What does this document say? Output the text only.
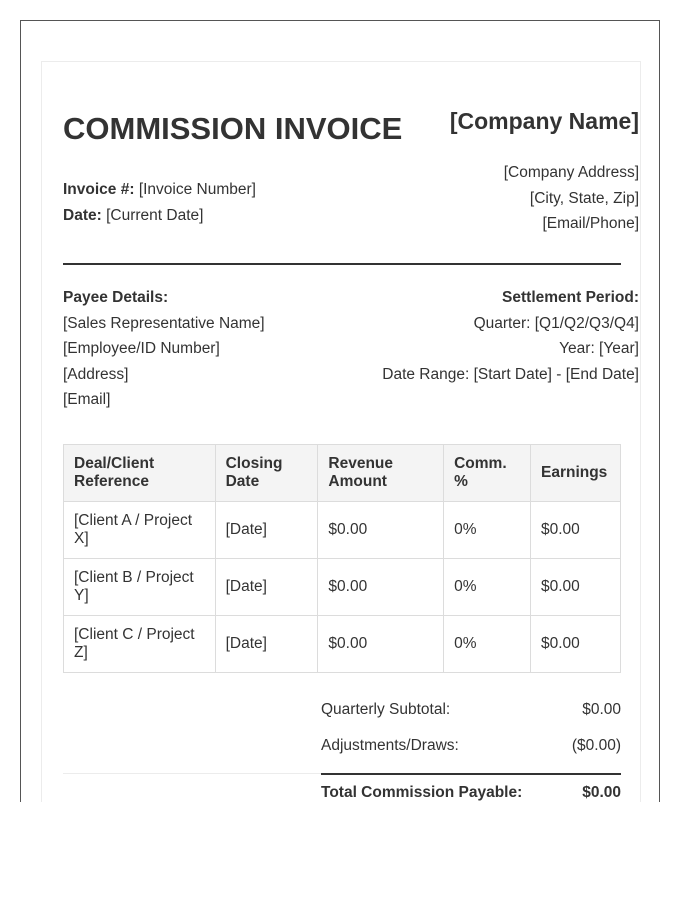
COMMISSION INVOICE [Company Name]
Invoice #: [Invoice Number]
Date: [Current Date]
[Company Address]
[City, State, Zip]
[Email/Phone]
Payee Details:
[Sales Representative Name]
[Employee/ID Number]
[Address]
[Email]
Settlement Period:
Quarter: [Q1/Q2/Q3/Q4]
Year: [Year]
Date Range: [Start Date] - [End Date]
Deal/Client Reference	Closing Date	Revenue Amount	Comm. %	Earnings
[Client A / Project X]	[Date]	$0.00	0%	$0.00
[Client B / Project Y]	[Date]	$0.00	0%	$0.00
[Client C / Project Z]	[Date]	$0.00	0%	$0.00
Quarterly Subtotal:	$0.00
Adjustments/Draws:	($0.00)
Total Commission Payable:	$0.00
